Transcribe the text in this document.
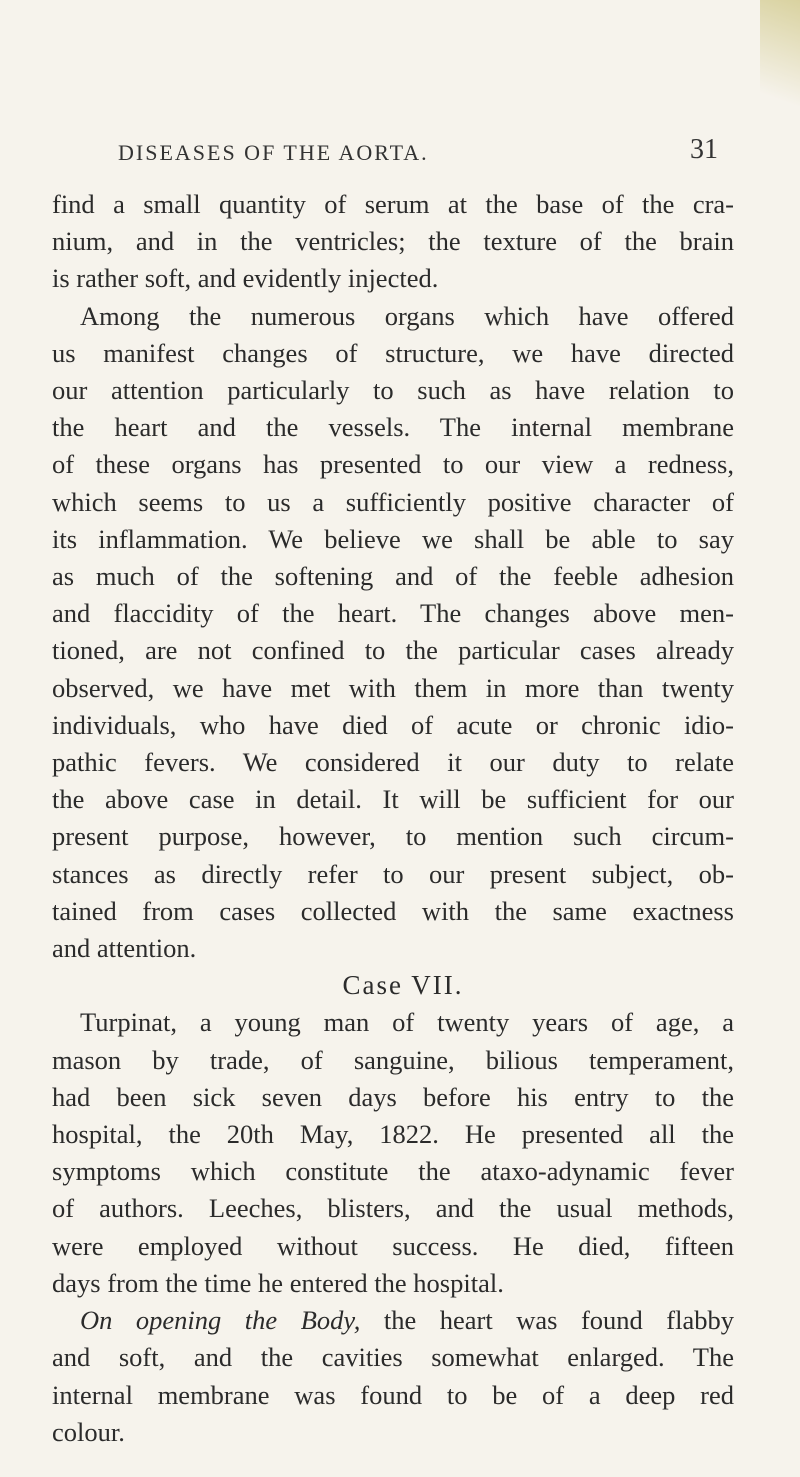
DISEASES OF THE AORTA.	31
find a small quantity of serum at the base of the cra-
nium, and in the ventricles; the texture of the brain
is rather soft, and evidently injected.
Among the numerous organs which have offered
us manifest changes of structure, we have directed
our attention particularly to such as have relation to
the heart and the vessels. The internal membrane
of these organs has presented to our view a redness,
which seems to us a sufficiently positive character of
its inflammation. We believe we shall be able to say
as much of the softening and of the feeble adhesion
and flaccidity of the heart. The changes above men-
tioned, are not confined to the particular cases already
observed, we have met with them in more than twenty
individuals, who have died of acute or chronic idio-
pathic fevers. We considered it our duty to relate
the above case in detail. It will be sufficient for our
present purpose, however, to mention such circum-
stances as directly refer to our present subject, ob-
tained from cases collected with the same exactness
and attention.
Case VII.
Turpinat, a young man of twenty years of age, a
mason by trade, of sanguine, bilious temperament,
had been sick seven days before his entry to the
hospital, the 20th May, 1822. He presented all the
symptoms which constitute the ataxo-adynamic fever
of authors. Leeches, blisters, and the usual methods,
were employed without success. He died, fifteen
days from the time he entered the hospital.
On opening the Body, the heart was found flabby
and soft, and the cavities somewhat enlarged. The
internal membrane was found to be of a deep red
colour.
